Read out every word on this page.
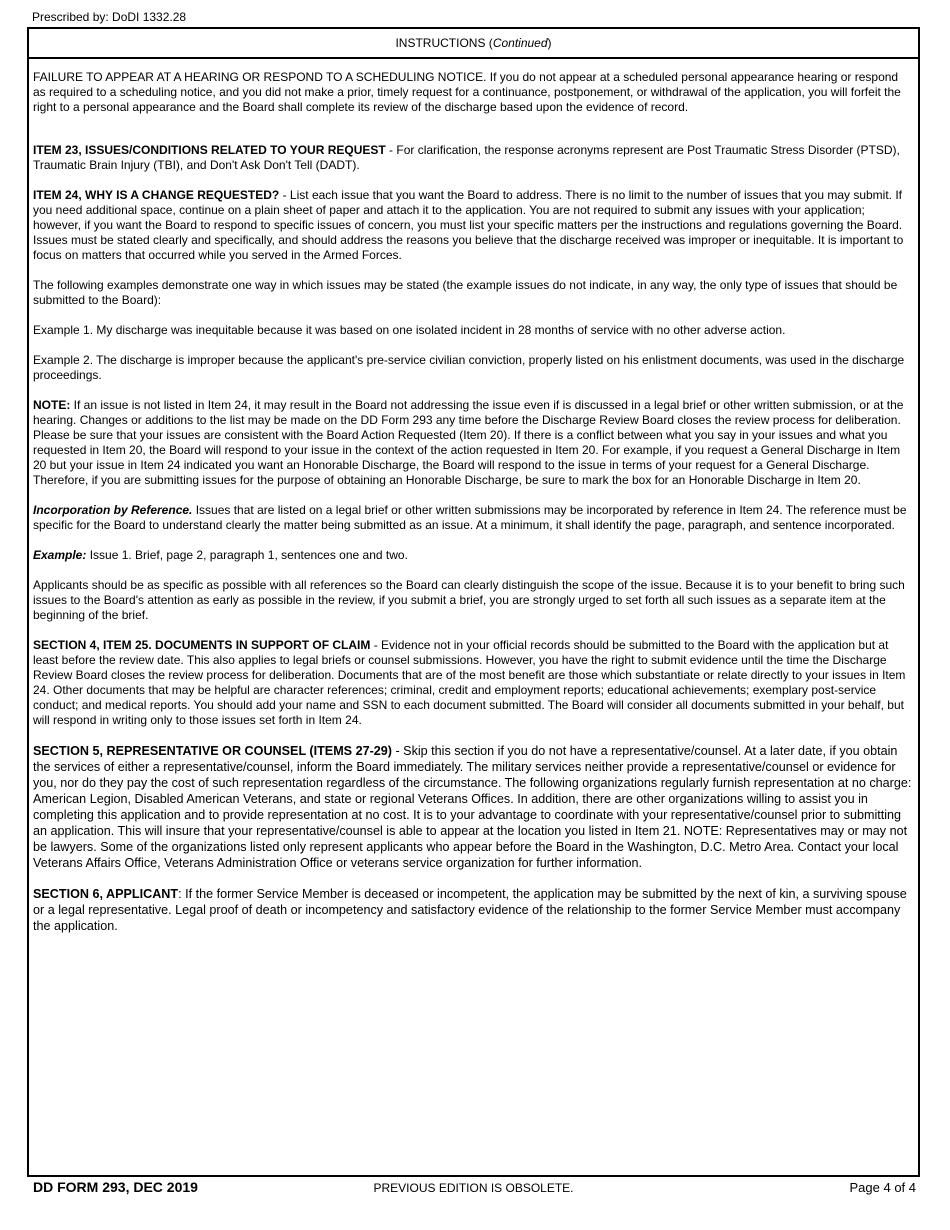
Prescribed by: DoDI 1332.28
INSTRUCTIONS (Continued)

FAILURE TO APPEAR AT A HEARING OR RESPOND TO A SCHEDULING NOTICE. If you do not appear at a scheduled personal appearance hearing or respond as required to a scheduling notice, and you did not make a prior, timely request for a continuance, postponement, or withdrawal of the application, you will forfeit the right to a personal appearance and the Board shall complete its review of the discharge based upon the evidence of record.

ITEM 23, ISSUES/CONDITIONS RELATED TO YOUR REQUEST - For clarification, the response acronyms represent are Post Traumatic Stress Disorder (PTSD), Traumatic Brain Injury (TBI), and Don't Ask Don't Tell (DADT).

ITEM 24, WHY IS A CHANGE REQUESTED? - List each issue that you want the Board to address. There is no limit to the number of issues that you may submit. If you need additional space, continue on a plain sheet of paper and attach it to the application. You are not required to submit any issues with your application; however, if you want the Board to respond to specific issues of concern, you must list your specific matters per the instructions and regulations governing the Board. Issues must be stated clearly and specifically, and should address the reasons you believe that the discharge received was improper or inequitable. It is important to focus on matters that occurred while you served in the Armed Forces.

The following examples demonstrate one way in which issues may be stated (the example issues do not indicate, in any way, the only type of issues that should be submitted to the Board):

Example 1. My discharge was inequitable because it was based on one isolated incident in 28 months of service with no other adverse action.

Example 2. The discharge is improper because the applicant's pre-service civilian conviction, properly listed on his enlistment documents, was used in the discharge proceedings.

NOTE: If an issue is not listed in Item 24, it may result in the Board not addressing the issue even if is discussed in a legal brief or other written submission, or at the hearing. Changes or additions to the list may be made on the DD Form 293 any time before the Discharge Review Board closes the review process for deliberation. Please be sure that your issues are consistent with the Board Action Requested (Item 20). If there is a conflict between what you say in your issues and what you requested in Item 20, the Board will respond to your issue in the context of the action requested in Item 20. For example, if you request a General Discharge in Item 20 but your issue in Item 24 indicated you want an Honorable Discharge, the Board will respond to the issue in terms of your request for a General Discharge. Therefore, if you are submitting issues for the purpose of obtaining an Honorable Discharge, be sure to mark the box for an Honorable Discharge in Item 20.

Incorporation by Reference. Issues that are listed on a legal brief or other written submissions may be incorporated by reference in Item 24. The reference must be specific for the Board to understand clearly the matter being submitted as an issue. At a minimum, it shall identify the page, paragraph, and sentence incorporated.

Example: Issue 1. Brief, page 2, paragraph 1, sentences one and two.

Applicants should be as specific as possible with all references so the Board can clearly distinguish the scope of the issue. Because it is to your benefit to bring such issues to the Board's attention as early as possible in the review, if you submit a brief, you are strongly urged to set forth all such issues as a separate item at the beginning of the brief.

SECTION 4, ITEM 25. DOCUMENTS IN SUPPORT OF CLAIM - Evidence not in your official records should be submitted to the Board with the application but at least before the review date. This also applies to legal briefs or counsel submissions. However, you have the right to submit evidence until the time the Discharge Review Board closes the review process for deliberation. Documents that are of the most benefit are those which substantiate or relate directly to your issues in Item 24. Other documents that may be helpful are character references; criminal, credit and employment reports; educational achievements; exemplary post-service conduct; and medical reports. You should add your name and SSN to each document submitted. The Board will consider all documents submitted in your behalf, but will respond in writing only to those issues set forth in Item 24.

SECTION 5, REPRESENTATIVE OR COUNSEL (ITEMS 27-29) - Skip this section if you do not have a representative/counsel. At a later date, if you obtain the services of either a representative/counsel, inform the Board immediately. The military services neither provide a representative/counsel or evidence for you, nor do they pay the cost of such representation regardless of the circumstance. The following organizations regularly furnish representation at no charge: American Legion, Disabled American Veterans, and state or regional Veterans Offices. In addition, there are other organizations willing to assist you in completing this application and to provide representation at no cost. It is to your advantage to coordinate with your representative/counsel prior to submitting an application. This will insure that your representative/counsel is able to appear at the location you listed in Item 21. NOTE: Representatives may or may not be lawyers. Some of the organizations listed only represent applicants who appear before the Board in the Washington, D.C. Metro Area. Contact your local Veterans Affairs Office, Veterans Administration Office or veterans service organization for further information.

SECTION 6, APPLICANT: If the former Service Member is deceased or incompetent, the application may be submitted by the next of kin, a surviving spouse or a legal representative. Legal proof of death or incompetency and satisfactory evidence of the relationship to the former Service Member must accompany the application.

DD FORM 293, DEC 2019	PREVIOUS EDITION IS OBSOLETE.	Page 4 of 4
